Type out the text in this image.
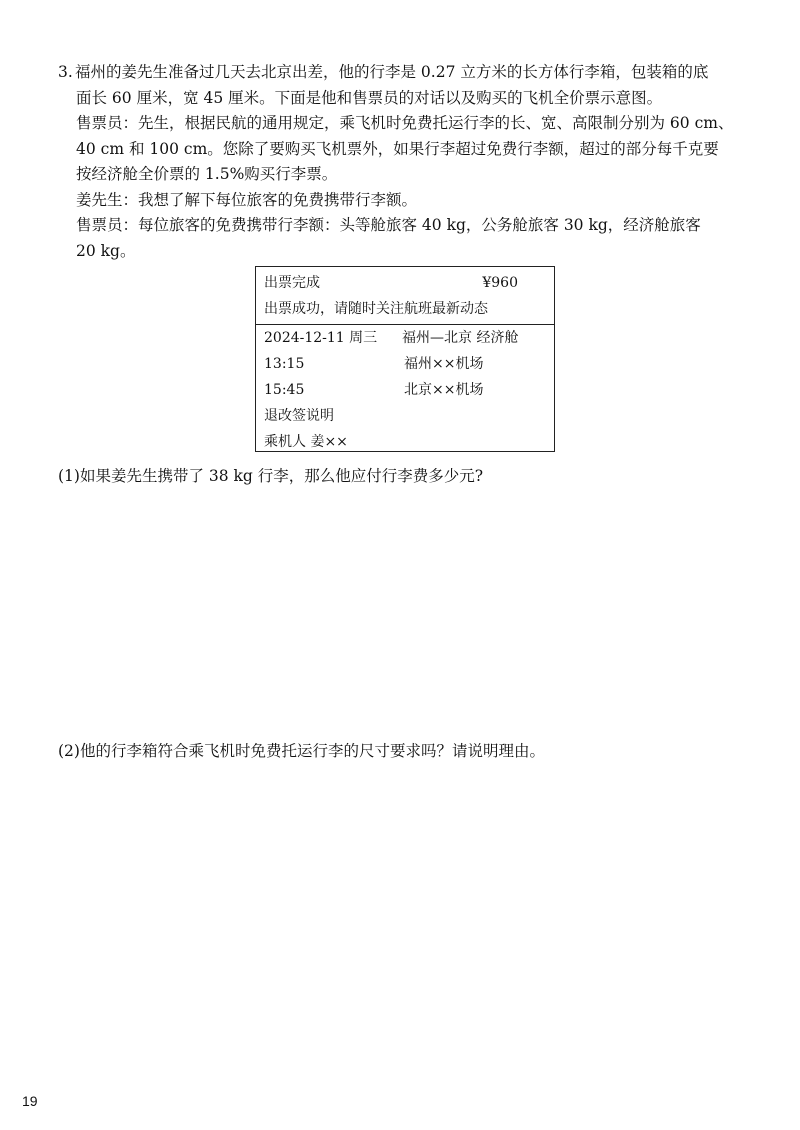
3. 福州的姜先生准备过几天去北京出差，他的行李是 0.27 立方米的长方体行李箱，包装箱的底

面长 60 厘米，宽 45 厘米。下面是他和售票员的对话以及购买的飞机全价票示意图。

售票员：先生，根据民航的通用规定，乘飞机时免费托运行李的长、宽、高限制分别为 60 cm、

40 cm 和 100 cm。您除了要购买飞机票外，如果行李超过免费行李额，超过的部分每千克要

按经济舱全价票的 1.5%购买行李票。

姜先生：我想了解下每位旅客的免费携带行李额。

售票员：每位旅客的免费携带行李额：头等舱旅客 40 kg，公务舱旅客 30 kg，经济舱旅客

20 kg。

出票完成	¥960
出票成功，请随时关注航班最新动态
2024-12-11 周三 福州—北京 经济舱
13:15	福州××机场
15:45	北京××机场
退改签说明
乘机人 姜××
(1)如果姜先生携带了 38 kg 行李，那么他应付行李费多少元?
(2)他的行李箱符合乘飞机时免费托运行李的尺寸要求吗？请说明理由。
19
